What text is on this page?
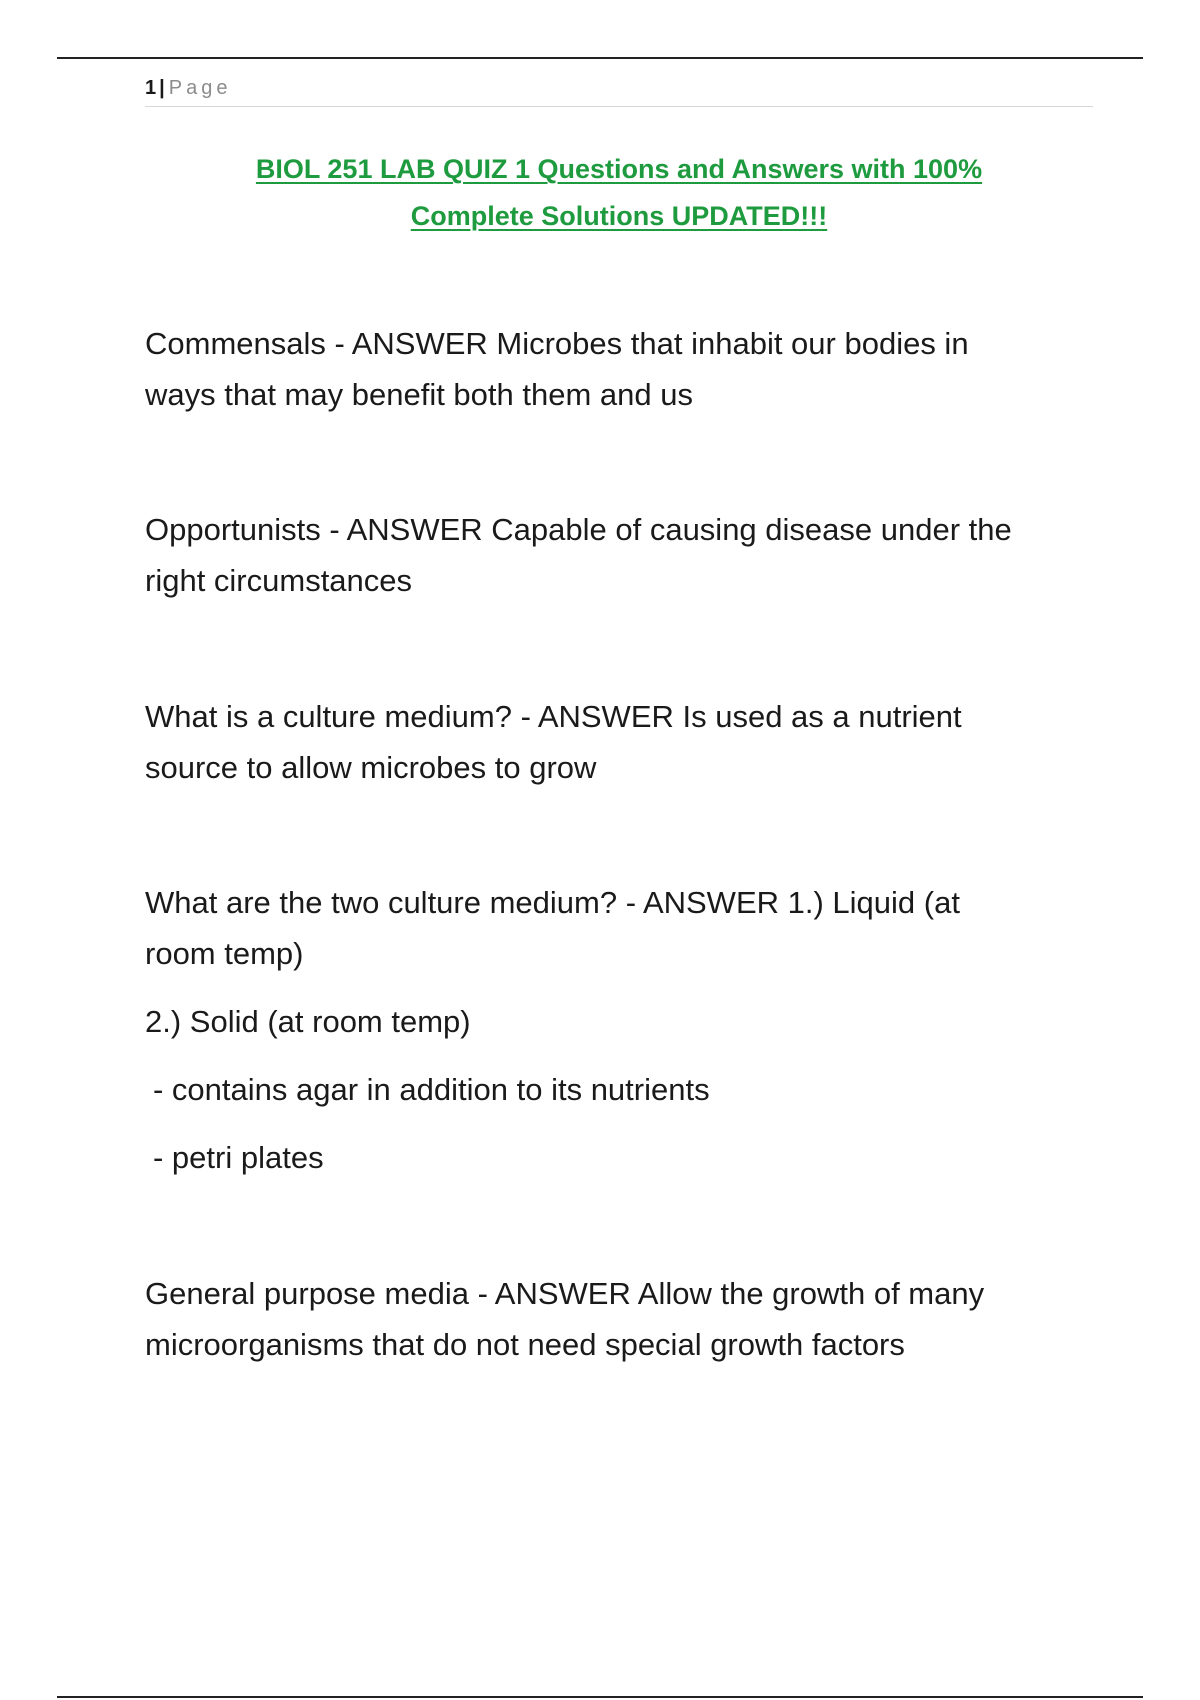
1 | Page
BIOL 251 LAB QUIZ 1 Questions and Answers with 100%
Complete Solutions UPDATED!!!

Commensals - ANSWER Microbes that inhabit our bodies in

ways that may benefit both them and us

Opportunists - ANSWER Capable of causing disease under the

right circumstances

What is a culture medium? - ANSWER Is used as a nutrient

source to allow microbes to grow

What are the two culture medium? - ANSWER 1.) Liquid (at

room temp)

2.) Solid (at room temp)

- contains agar in addition to its nutrients

- petri plates

General purpose media - ANSWER Allow the growth of many

microorganisms that do not need special growth factors
